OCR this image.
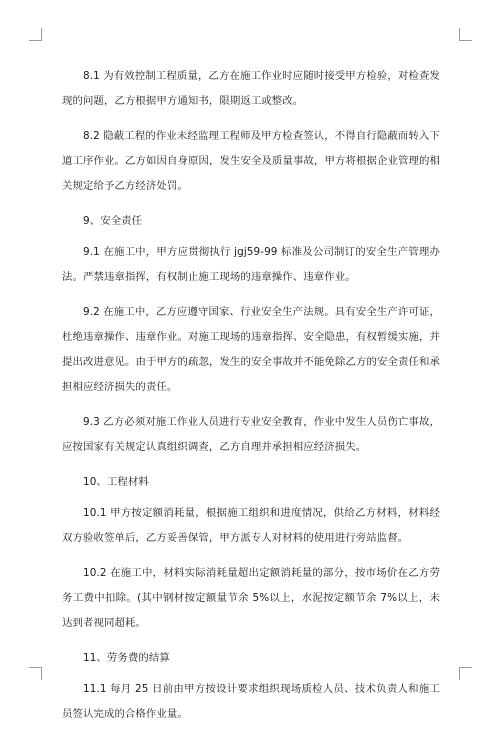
8.1 为有效控制工程质量，乙方在施工作业时应随时接受甲方检验，对检查发现的问题，乙方根据甲方通知书，限期返工或整改。

8.2 隐蔽工程的作业未经监理工程师及甲方检查签认，不得自行隐蔽而转入下道工序作业。乙方如因自身原因，发生安全及质量事故，甲方将根据企业管理的相关规定给予乙方经济处罚。

9、安全责任

9.1 在施工中，甲方应贯彻执行 jgj59-99 标准及公司制订的安全生产管理办法。严禁违章指挥，有权制止施工现场的违章操作、违章作业。

9.2 在施工中，乙方应遵守国家、行业安全生产法规。具有安全生产许可证，杜绝违章操作、违章作业。对施工现场的违章指挥、安全隐患，有权暂缓实施，并提出改进意见。由于甲方的疏忽，发生的安全事故并不能免除乙方的安全责任和承担相应经济损失的责任。

9.3 乙方必须对施工作业人员进行专业安全教育，作业中发生人员伤亡事故，应按国家有关规定认真组织调查，乙方自理并承担相应经济损失。

10、工程材料

10.1 甲方按定额消耗量，根据施工组织和进度情况，供给乙方材料，材料经双方验收签单后，乙方妥善保管，甲方派专人对材料的使用进行旁站监督。

10.2 在施工中，材料实际消耗量超出定额消耗量的部分，按市场价在乙方劳务工费中扣除。(其中钢材按定额量节余 5%以上，水泥按定额节余 7%以上，未达到者视同超耗。

11、劳务费的结算

11.1 每月 25 日前由甲方按设计要求组织现场质检人员、技术负责人和施工员签认完成的合格作业量。
